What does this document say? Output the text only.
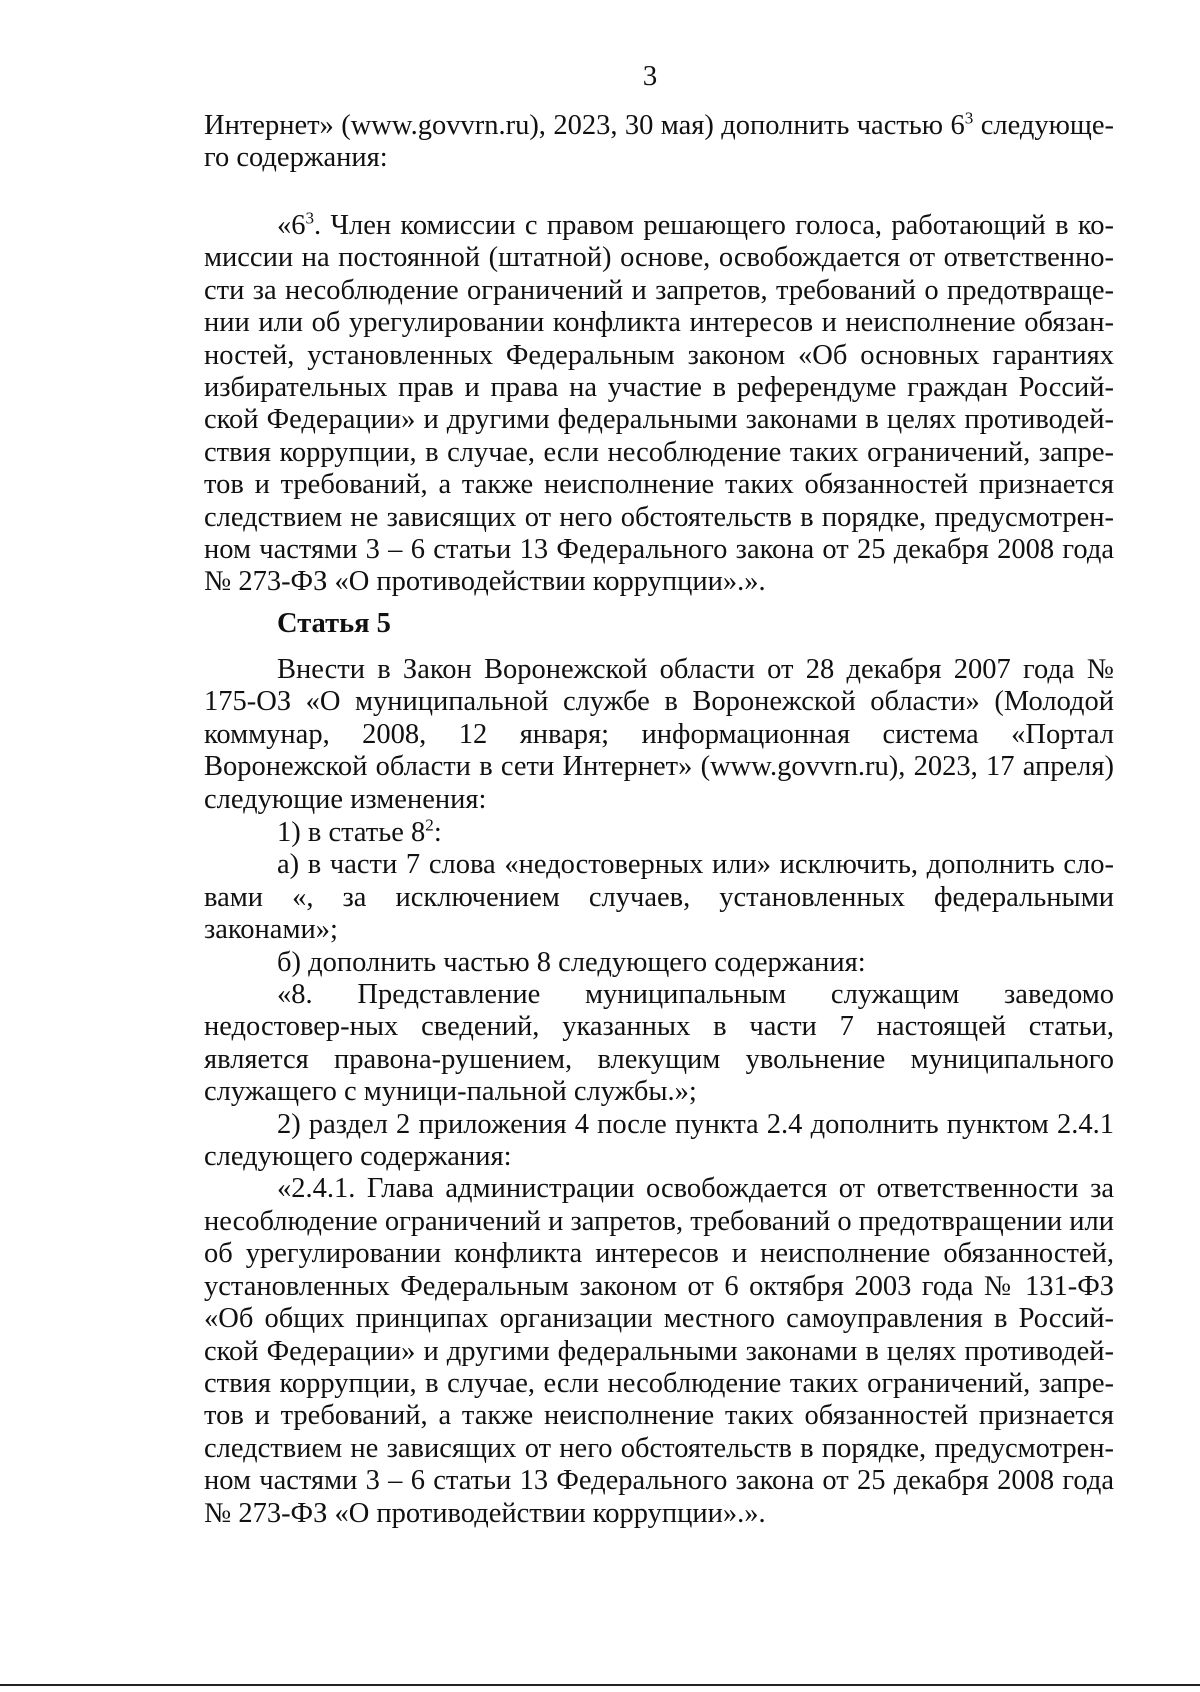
3

Интернет» (www.govvrn.ru), 2023, 30 мая) дополнить частью $6^3$ следующе-го содержания:

«$6^3$. Член комиссии с правом решающего голоса, работающий в ко-миссии на постоянной (штатной) основе, освобождается от ответственно-сти за несоблюдение ограничений и запретов, требований о предотвраще-нии или об урегулировании конфликта интересов и неисполнение обязан-ностей, установленных Федеральным законом «Об основных гарантиях избирательных прав и права на участие в референдуме граждан Россий-ской Федерации» и другими федеральными законами в целях противодей-ствия коррупции, в случае, если несоблюдение таких ограничений, запре-тов и требований, а также неисполнение таких обязанностей признается следствием не зависящих от него обстоятельств в порядке, предусмотрен-ном частями 3 – 6 статьи 13 Федерального закона от 25 декабря 2008 года № 273-ФЗ «О противодействии коррупции».».

Статья 5

Внести в Закон Воронежской области от 28 декабря 2007 года № 175-ОЗ «О муниципальной службе в Воронежской области» (Молодой коммунар, 2008, 12 января; информационная система «Портал Воронежской области в сети Интернет» (www.govvrn.ru), 2023, 17 апреля) следующие изменения:

1) в статье $8^2$:

а) в части 7 слова «недостоверных или» исключить, дополнить сло-вами «, за исключением случаев, установленных федеральными законами»;

б) дополнить частью 8 следующего содержания:

«8. Представление муниципальным служащим заведомо недостовер-ных сведений, указанных в части 7 настоящей статьи, является правона-рушением, влекущим увольнение муниципального служащего с муници-пальной службы.»;

2) раздел 2 приложения 4 после пункта 2.4 дополнить пунктом 2.4.1 следующего содержания:

«2.4.1. Глава администрации освобождается от ответственности за несоблюдение ограничений и запретов, требований о предотвращении или об урегулировании конфликта интересов и неисполнение обязанностей, установленных Федеральным законом от 6 октября 2003 года № 131-ФЗ «Об общих принципах организации местного самоуправления в Россий-ской Федерации» и другими федеральными законами в целях противодей-ствия коррупции, в случае, если несоблюдение таких ограничений, запре-тов и требований, а также неисполнение таких обязанностей признается следствием не зависящих от него обстоятельств в порядке, предусмотрен-ном частями 3 – 6 статьи 13 Федерального закона от 25 декабря 2008 года № 273-ФЗ «О противодействии коррупции».».
